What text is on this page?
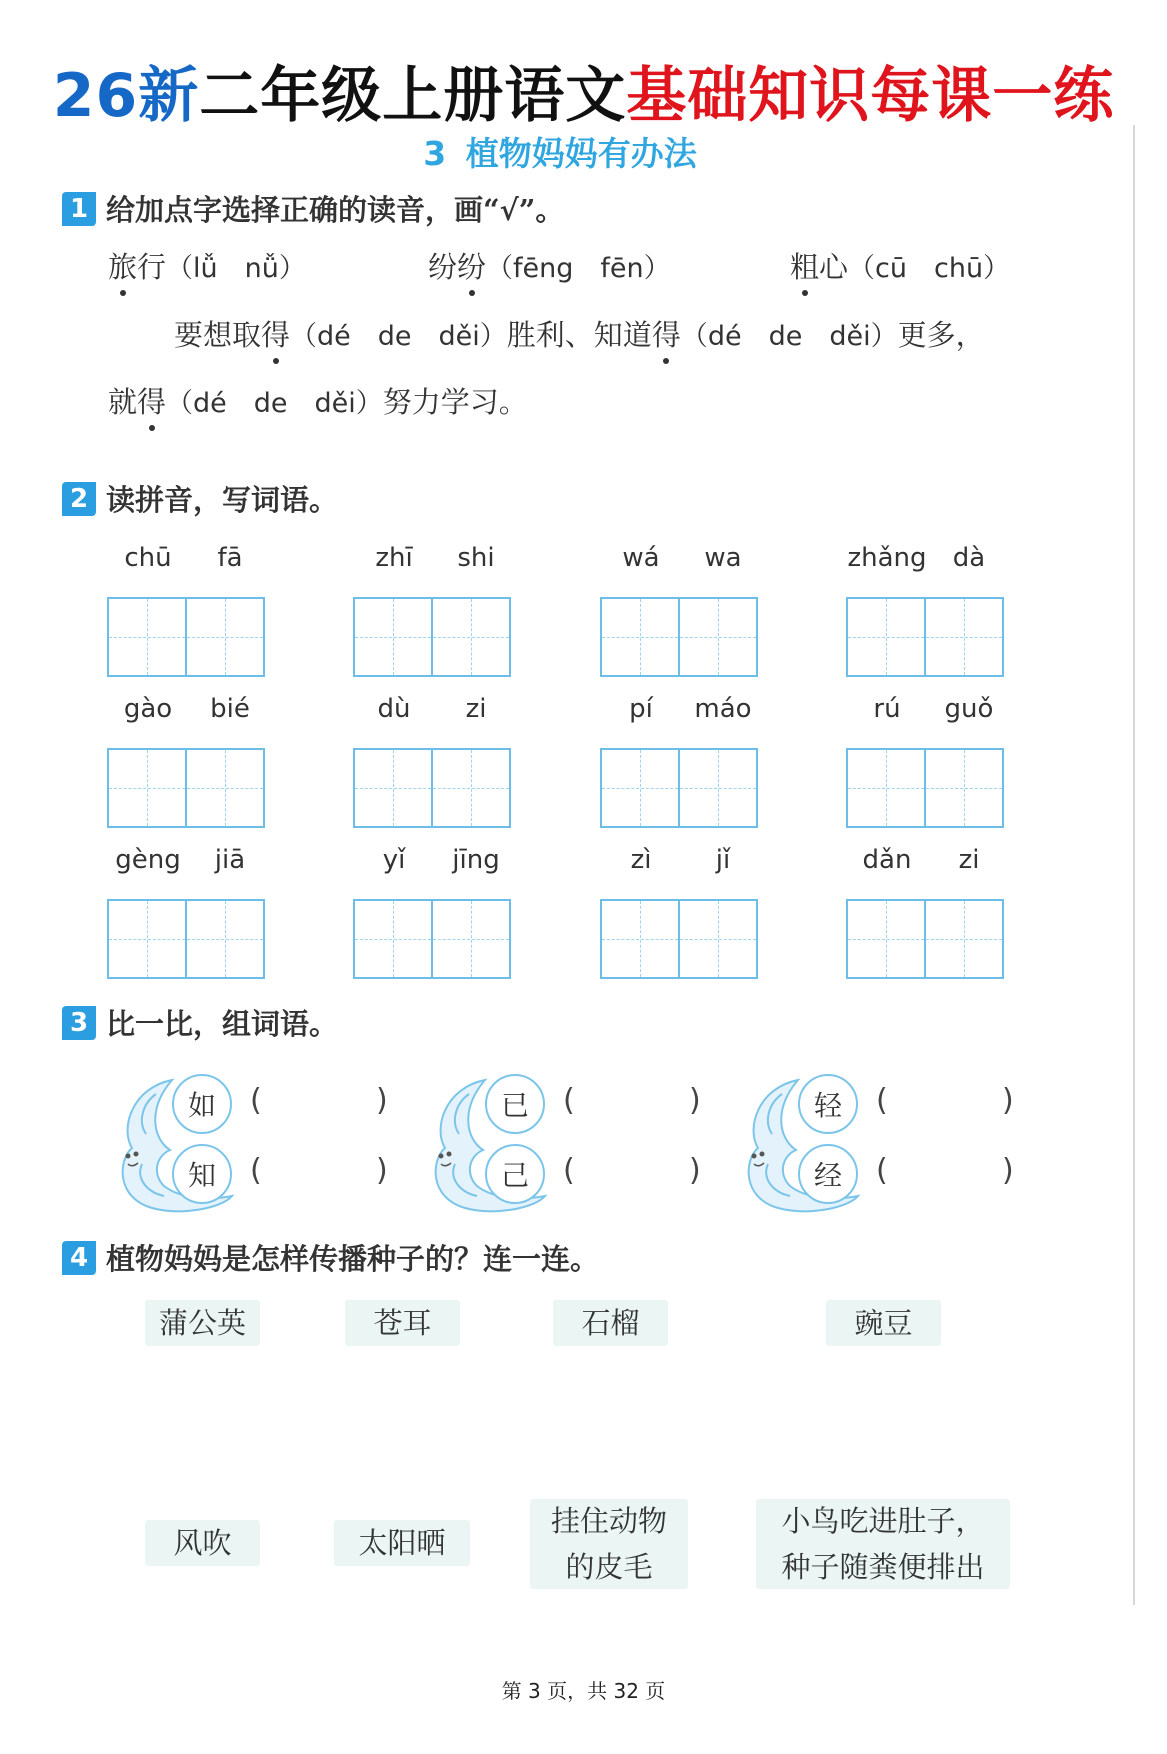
26新二年级上册语文基础知识每课一练
3 植物妈妈有办法
1 给加点字选择正确的读音，画“√”。
旅行（lǚ　nǚ）	纷纷（fēng　fēn）	粗心（cū　chū）
要想取得（dé　de　děi）胜利、知道得（dé　de　děi）更多，
就得（dé　de　děi）努力学习。
2 读拼音，写词语。
chū	fā	zhī	shi	wá	wa	zhǎng	dà
gào	bié	dù	zi	pí	máo	rú	guǒ
gèng	jiā	yǐ	jīng	zì	jǐ	dǎn	zi
3 比一比，组词语。
如	(	)
知	(	)
已	(	)
己	(	)
轻	(	)
经	(	)
4 植物妈妈是怎样传播种子的？连一连。
蒲公英	苍耳	石榴	豌豆
风吹	太阳晒
挂住动物
的皮毛
小鸟吃进肚子，
种子随粪便排出
第 3 页，共 32 页
